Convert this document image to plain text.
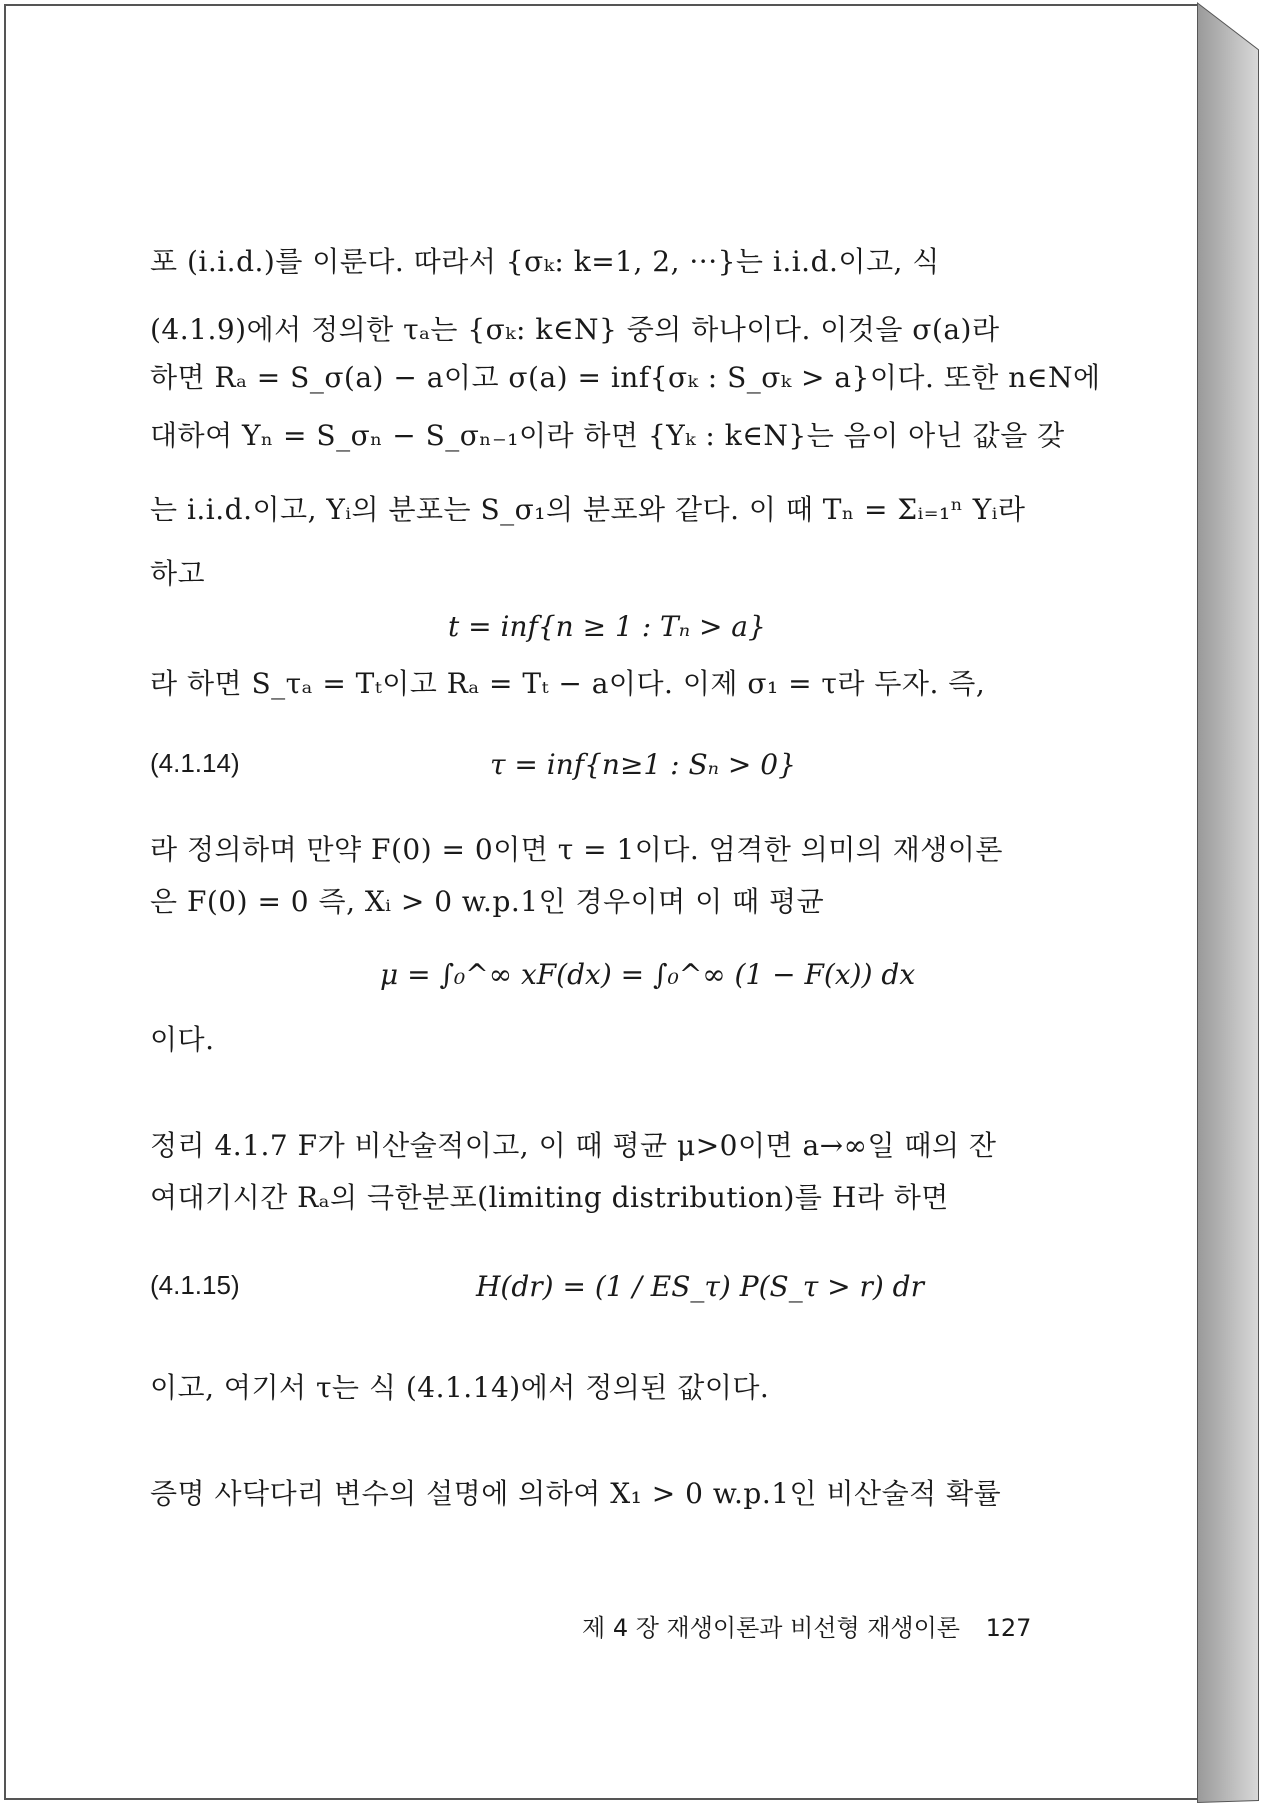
포 (i.i.d.)를 이룬다. 따라서 {σₖ: k=1, 2, ···}는 i.i.d.이고, 식
(4.1.9)에서 정의한 τₐ는 {σₖ: k∈N} 중의 하나이다. 이것을 σ(a)라
하면 Rₐ = S_σ(a) − a이고 σ(a) = inf{σₖ : S_σₖ > a}이다. 또한 n∈N에
대하여 Yₙ = S_σₙ − S_σₙ₋₁이라 하면 {Yₖ : k∈N}는 음이 아닌 값을 갖
는 i.i.d.이고, Yᵢ의 분포는 S_σ₁의 분포와 같다. 이 때 Tₙ = Σᵢ₌₁ⁿ Yᵢ라
하고
t = inf{n ≥ 1 : Tₙ > a}
라 하면 S_τₐ = Tₜ이고 Rₐ = Tₜ − a이다. 이제 σ₁ = τ라 두자. 즉,
(4.1.14)	τ = inf{n≥1 : Sₙ > 0}
라 정의하며 만약 F(0) = 0이면 τ = 1이다. 엄격한 의미의 재생이론
은 F(0) = 0 즉, Xᵢ > 0 w.p.1인 경우이며 이 때 평균
μ = ∫₀^∞ xF(dx) = ∫₀^∞ (1 − F(x)) dx
이다.
정리 4.1.7 F가 비산술적이고, 이 때 평균 μ>0이면 a→∞일 때의 잔
여대기시간 Rₐ의 극한분포(limiting distribution)를 H라 하면
(4.1.15)	H(dr) = (1 / ES_τ) P(S_τ > r) dr
이고, 여기서 τ는 식 (4.1.14)에서 정의된 값이다.
증명 사닥다리 변수의 설명에 의하여 X₁ > 0 w.p.1인 비산술적 확률
제 4 장 재생이론과 비선형 재생이론 127
